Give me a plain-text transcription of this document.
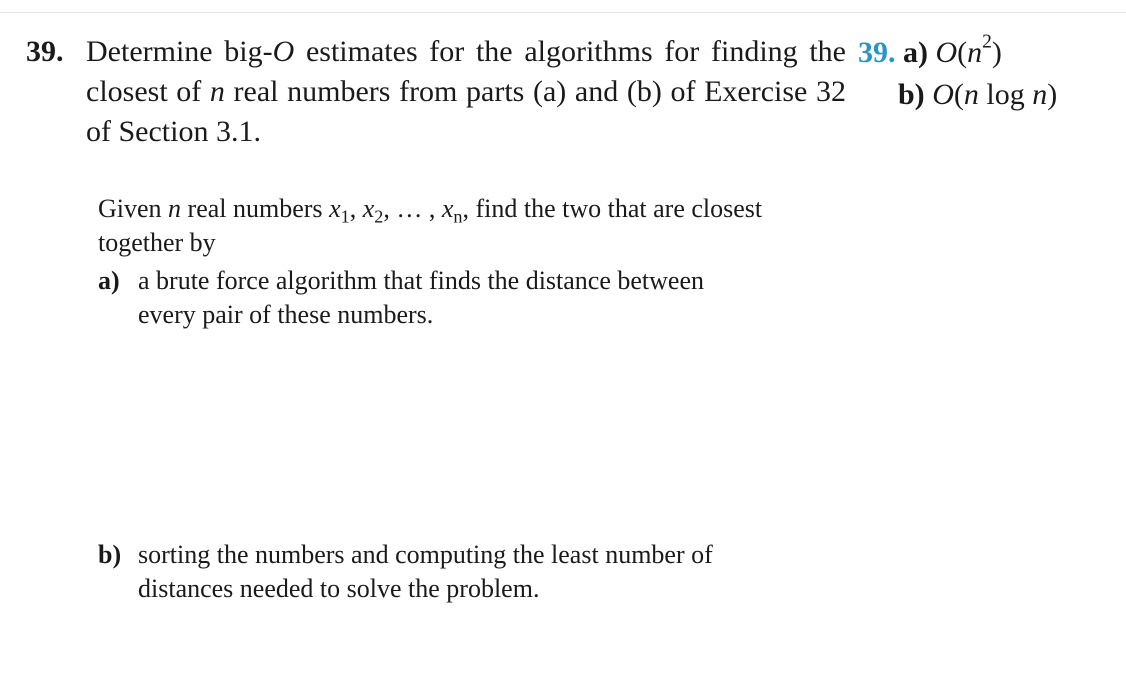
39. Determine big-O estimates for the algorithms for finding the closest of n real numbers from parts (a) and (b) of Exercise 32 of Section 3.1.
39. a) $O(n^2)$
b) O(n log n)

Given n real numbers $x_1$, $x_2$, … , $x_n$, find the two that are closest together by

a) a brute force algorithm that finds the distance between every pair of these numbers.
b) sorting the numbers and computing the least number of distances needed to solve the problem.
